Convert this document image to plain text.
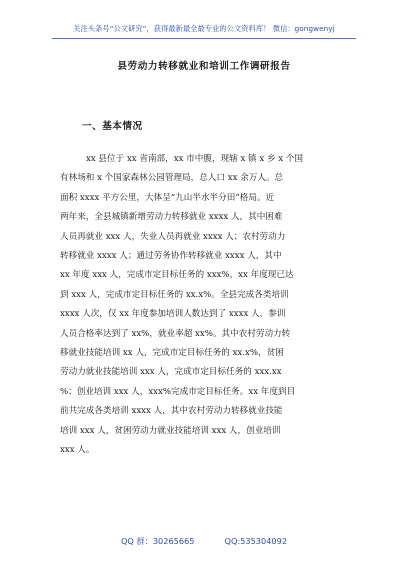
关注头条号“公文研究”，获得最新最全最专业的公文资料库！ 微信：gongwenyj
县劳动力转移就业和培训工作调研报告
一、基本情况
xx 县位于 xx 省南部，xx 市中腹，现辖 x 镇 x 乡 x 个国
有林场和 x 个国家森林公园管理局，总人口 xx 余万人。总
面积 xxxx 平方公里，大体呈“九山半水半分田”格局。近
两年来，全县城镇新增劳动力转移就业 xxxx 人，其中困难
人员再就业 xxx 人，失业人员再就业 xxxx 人；农村劳动力
转移就业 xxxx 人；通过劳务协作转移就业 xxxx 人，其中
xx 年度 xxx 人，完成市定目标任务的 xxx%，xx 年度现已达
到 xxx 人，完成市定目标任务的 xx.x%。全县完成各类培训
xxxx 人次，仅 xx 年度参加培训人数达到了 xxxx 人，参训
人员合格率达到了 xx%，就业率超 xx%。其中农村劳动力转
移就业技能培训 xx 人，完成市定目标任务的 xx.x%，贫困
劳动力就业技能培训 xxx 人，完成市定目标任务的 xxx.xx
%；创业培训 xxx 人，xxx%完成市定目标任务。xx 年度到目
前共完成各类培训 xxxx 人，其中农村劳动力转移就业技能
培训 xxx 人，贫困劳动力就业技能培训 xxx 人，创业培训
xxx 人。
QQ 群：30265665	QQ:535304092
